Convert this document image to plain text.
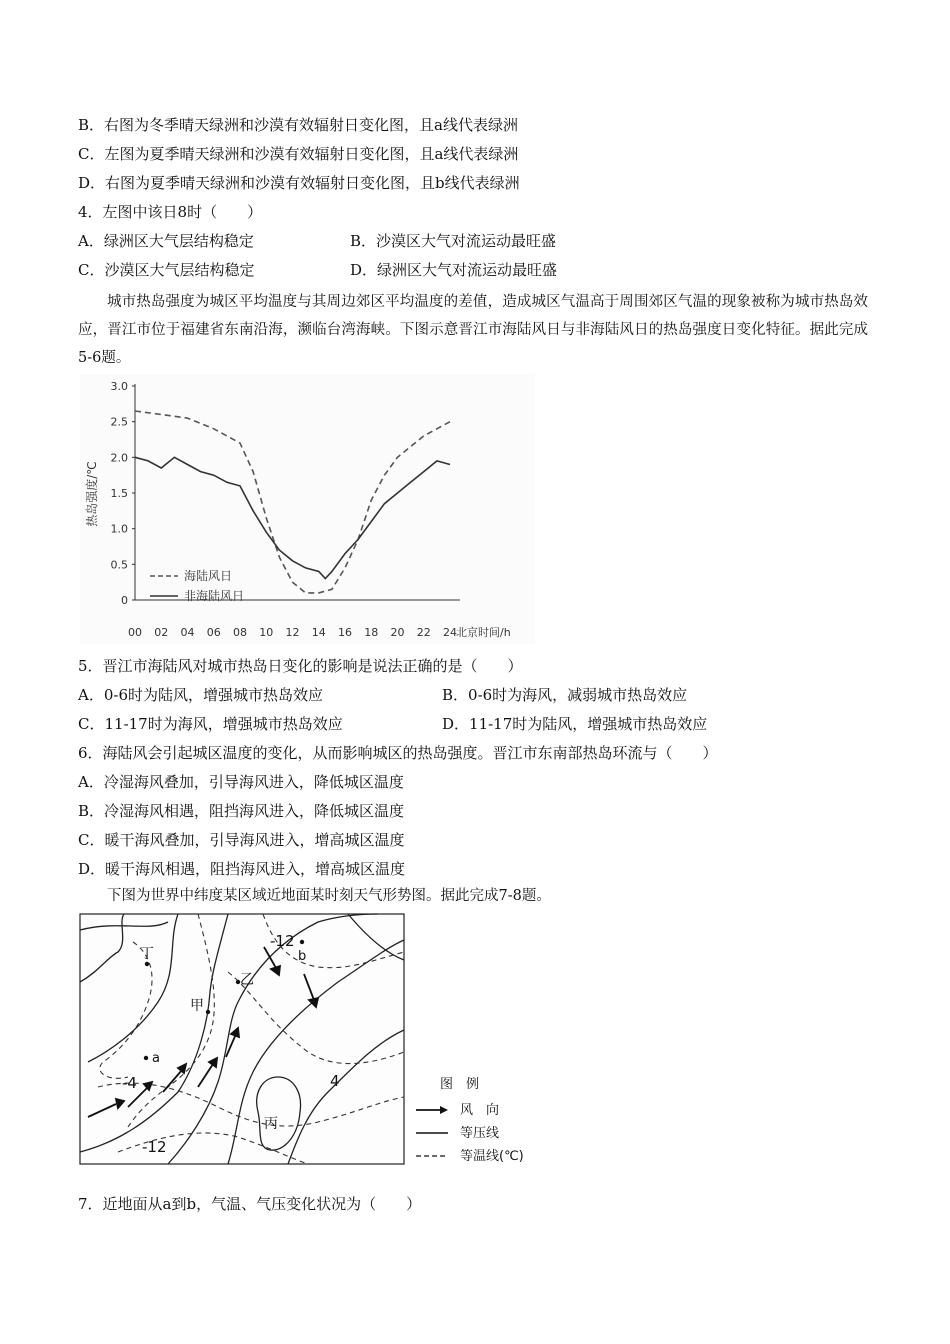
B．右图为冬季晴天绿洲和沙漠有效辐射日变化图，且a线代表绿洲
C．左图为夏季晴天绿洲和沙漠有效辐射日变化图，且a线代表绿洲
D．右图为夏季晴天绿洲和沙漠有效辐射日变化图，且b线代表绿洲
4．左图中该日8时（　　）
A．绿洲区大气层结构稳定	B．沙漠区大气对流运动最旺盛
C．沙漠区大气层结构稳定	D．绿洲区大气对流运动最旺盛
城市热岛强度为城区平均温度与其周边郊区平均温度的差值，造成城区气温高于周围郊区气温的现象被称为城市热岛效应，晋江市位于福建省东南沿海，濒临台湾海峡。下图示意晋江市海陆风日与非海陆风日的热岛强度日变化特征。据此完成5-6题。
0
0.5
1.0
1.5
2.0
2.5
3.0
00 02 04 06 08 10 12 14 16 18 20 22 24
热岛强度/℃
北京时间/h
海陆风日
非海陆风日
5．晋江市海陆风对城市热岛日变化的影响是说法正确的是（　　）
A．0-6时为陆风，增强城市热岛效应	B．0-6时为海风，减弱城市热岛效应
C．11-17时为海风，增强城市热岛效应	D．11-17时为陆风，增强城市热岛效应
6．海陆风会引起城区温度的变化，从而影响城区的热岛强度。晋江市东南部热岛环流与（　　）
A．冷湿海风叠加，引导海风进入，降低城区温度
B．冷湿海风相遇，阻挡海风进入，降低城区温度
C．暖干海风叠加，引导海风进入，增高城区温度
D．暖干海风相遇，阻挡海风进入，增高城区温度
下图为世界中纬度某区域近地面某时刻天气形势图。据此完成7-8题。
丁
乙
甲
丙
a
b
-12
-4	4
-12
图　例
风　向
等压线
等温线(℃)
7．近地面从a到b，气温、气压变化状况为（　　）
